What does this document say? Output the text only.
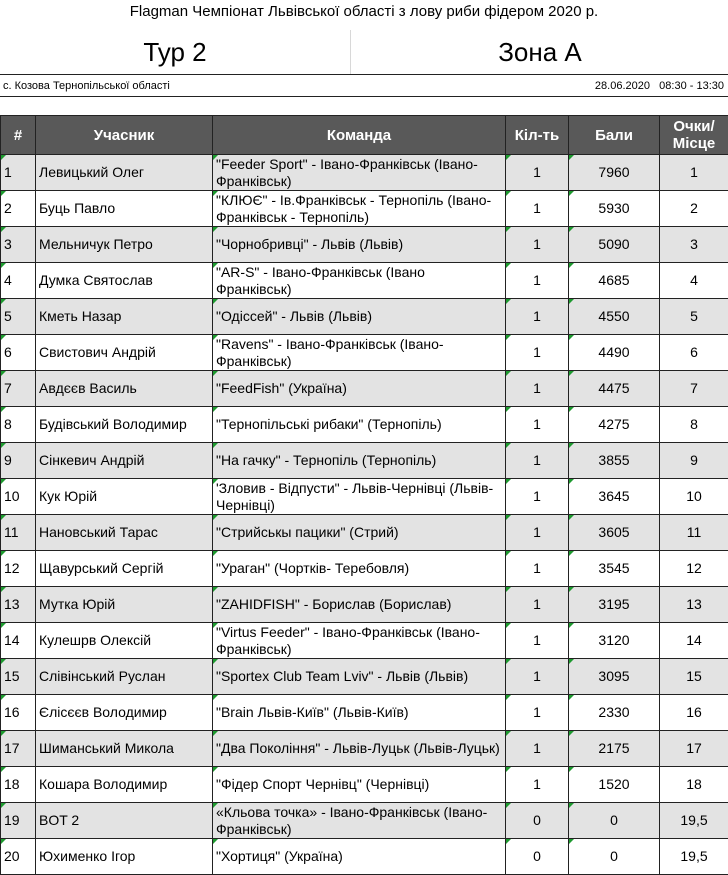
Flagman Чемпіонат Львівської області з лову риби фідером 2020 р.
Тур 2	Зона А
с. Козова Тернопільської області	28.06.2020 08:30 - 13:30
#	Учасник	Команда	Кіл-ть	Бали	Очки/ Місце
1	Левицький Олег	"Feeder Sport" - Івано-Франківськ (Івано-Франківськ)	1	7960	1
2	Буць Павло	"КЛЮЄ" - Ів.Франківськ - Тернопіль (Івано-Франківськ - Тернопіль)	1	5930	2
3	Мельничук Петро	"Чорнобривці" - Львів (Львів)	1	5090	3
4	Думка Святослав	"AR-S" - Івано-Франківськ (Івано Франківськ)	1	4685	4
5	Кметь Назар	"Одіссей" - Львів (Львів)	1	4550	5
6	Свистович Андрій	"Ravens" - Івано-Франківськ (Івано-Франківськ)	1	4490	6
7	Авдєєв Василь	"FeedFish" (Україна)	1	4475	7
8	Будівський Володимир	"Тернопільські рибаки" (Тернопіль)	1	4275	8
9	Сінкевич Андрій	"На гачку" - Тернопіль (Тернопіль)	1	3855	9
10	Кук Юрій	'Зловив - Відпусти" - Львів-Чернівці (Львів-Чернівці)	1	3645	10
11	Нановський Тарас	"Стрийськы пацики" (Стрий)	1	3605	11
12	Щавурський Сергій	"Ураган" (Чортків- Теребовля)	1	3545	12
13	Мутка Юрій	"ZAHIDFISH" - Борислав (Борислав)	1	3195	13
14	Кулешрв Олексій	"Virtus Feeder" - Івано-Франківськ (Івано-Франківськ)	1	3120	14
15	Слівінський Руслан	"Sportex Club Team Lviv" - Львів (Львів)	1	3095	15
16	Єлісєєв Володимир	"Brain Львів-Київ" (Львів-Київ)	1	2330	16
17	Шиманський Микола	"Два Покоління" - Львів-Луцьк (Львів-Луцьк)	1	2175	17
18	Кошара Володимир	"Фідер Спорт Чернівц" (Чернівці)	1	1520	18
19	BOT 2	«Кльова точка» - Івано-Франківськ (Івано-Франківськ)	0	0	19,5
20	Юхименко Ігор	"Хортиця" (Україна)	0	0	19,5
